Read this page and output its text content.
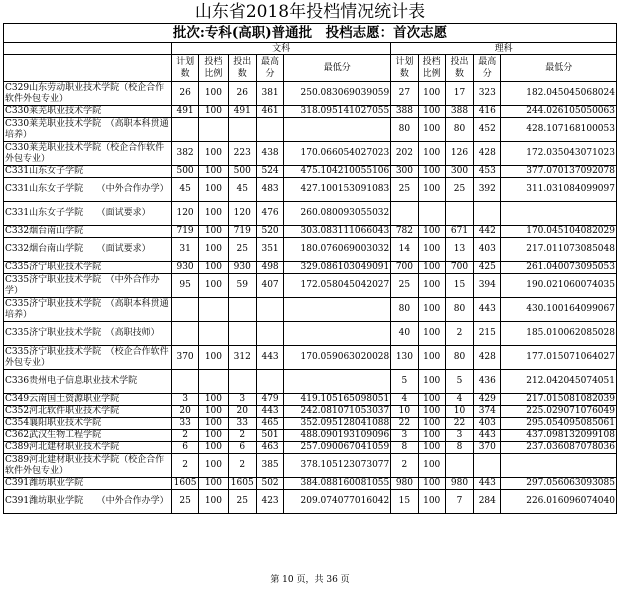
山东省2018年投档情况统计表
批次:专科(高职)普通批　投档志愿：首次志愿
	文科					理科				
	计划数	投档比例	投出数	最高分	最低分	计划数	投档比例	投出数	最高分	最低分
C329山东劳动职业技术学院（校企合作软件外包专业）	26	100	26	381	250.083069039059	27	100	17	323	182.045045068024
C330莱芜职业技术学院	491	100	491	461	318.095141027055	388	100	388	416	244.026105050063
C330莱芜职业技术学院　（高职本科贯通培养）						80	100	80	452	428.107168100053
C330莱芜职业技术学院（校企合作软件外包专业）	382	100	223	438	170.066054027023	202	100	126	428	172.035043071023
C331山东女子学院	500	100	500	524	475.104210055106	300	100	300	453	377.070137092078
C331山东女子学院　　（中外合作办学）	45	100	45	483	427.100153091083	25	100	25	392	311.031084099097
C331山东女子学院　　（面试要求）	120	100	120	476	260.080093055032					
C332烟台南山学院	719	100	719	520	303.083111066043	782	100	671	442	170.045104082029
C332烟台南山学院　　（面试要求）	31	100	25	351	180.076069003032	14	100	13	403	217.011073085048
C335济宁职业技术学院	930	100	930	498	329.086103049091	700	100	700	425	261.040073095053
C335济宁职业技术学院　（中外合作办学）	95	100	59	407	172.058045042027	25	100	15	394	190.021060074035
C335济宁职业技术学院　（高职本科贯通培养）						80	100	80	443	430.100164099067
C335济宁职业技术学院　（高职技师）						40	100	2	215	185.010062085028
C335济宁职业技术学院　（校企合作软件外包专业）	370	100	312	443	170.059063020028	130	100	80	428	177.015071064027
C336贵州电子信息职业技术学院						5	100	5	436	212.042045074051
C349云南国土资源职业学院	3	100	3	479	419.105165098051	4	100	4	429	217.015081082039
C352河北软件职业技术学院	20	100	20	443	242.081071053037	10	100	10	374	225.029071076049
C354襄阳职业技术学院	33	100	33	465	352.095128041088	22	100	22	403	295.054095085061
C362武汉生物工程学院	2	100	2	501	488.090193109096	3	100	3	443	437.098132099108
C389河北建材职业技术学院	6	100	6	463	257.090067041059	8	100	8	370	237.036087078036
C389河北建材职业技术学院（校企合作软件外包专业）	2	100	2	385	378.105123073077	2	100			
C391潍坊职业学院	1605	100	1605	502	384.088160081055	980	100	980	443	297.056063093085
C391潍坊职业学院　　（中外合作办学）	25	100	25	423	209.074077016042	15	100	7	284	226.016096074040
第 10 页，共 36 页
